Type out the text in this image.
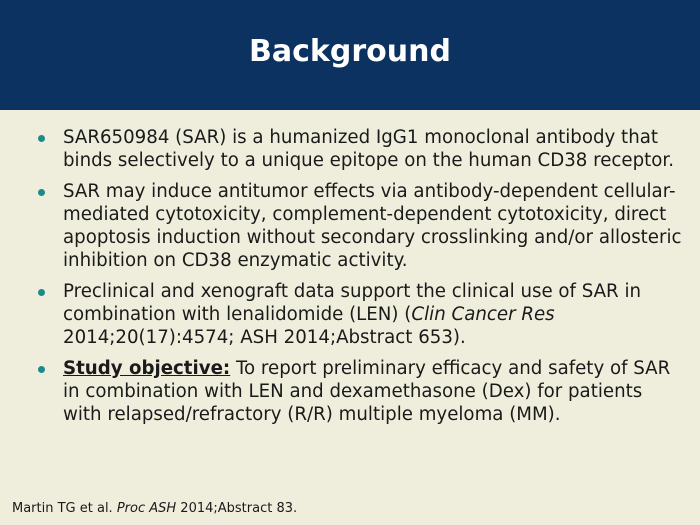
Background
SAR650984 (SAR) is a humanized IgG1 monoclonal antibody that binds selectively to a unique epitope on the human CD38 receptor.
SAR may induce antitumor effects via antibody-dependent cellular-mediated cytotoxicity, complement-dependent cytotoxicity, direct apoptosis induction without secondary crosslinking and/or allosteric inhibition on CD38 enzymatic activity.
Preclinical and xenograft data support the clinical use of SAR in combination with lenalidomide (LEN) (Clin Cancer Res 2014;20(17):4574; ASH 2014;Abstract 653).
Study objective: To report preliminary efficacy and safety of SAR in combination with LEN and dexamethasone (Dex) for patients with relapsed/refractory (R/R) multiple myeloma (MM).
Martin TG et al. Proc ASH 2014;Abstract 83.
